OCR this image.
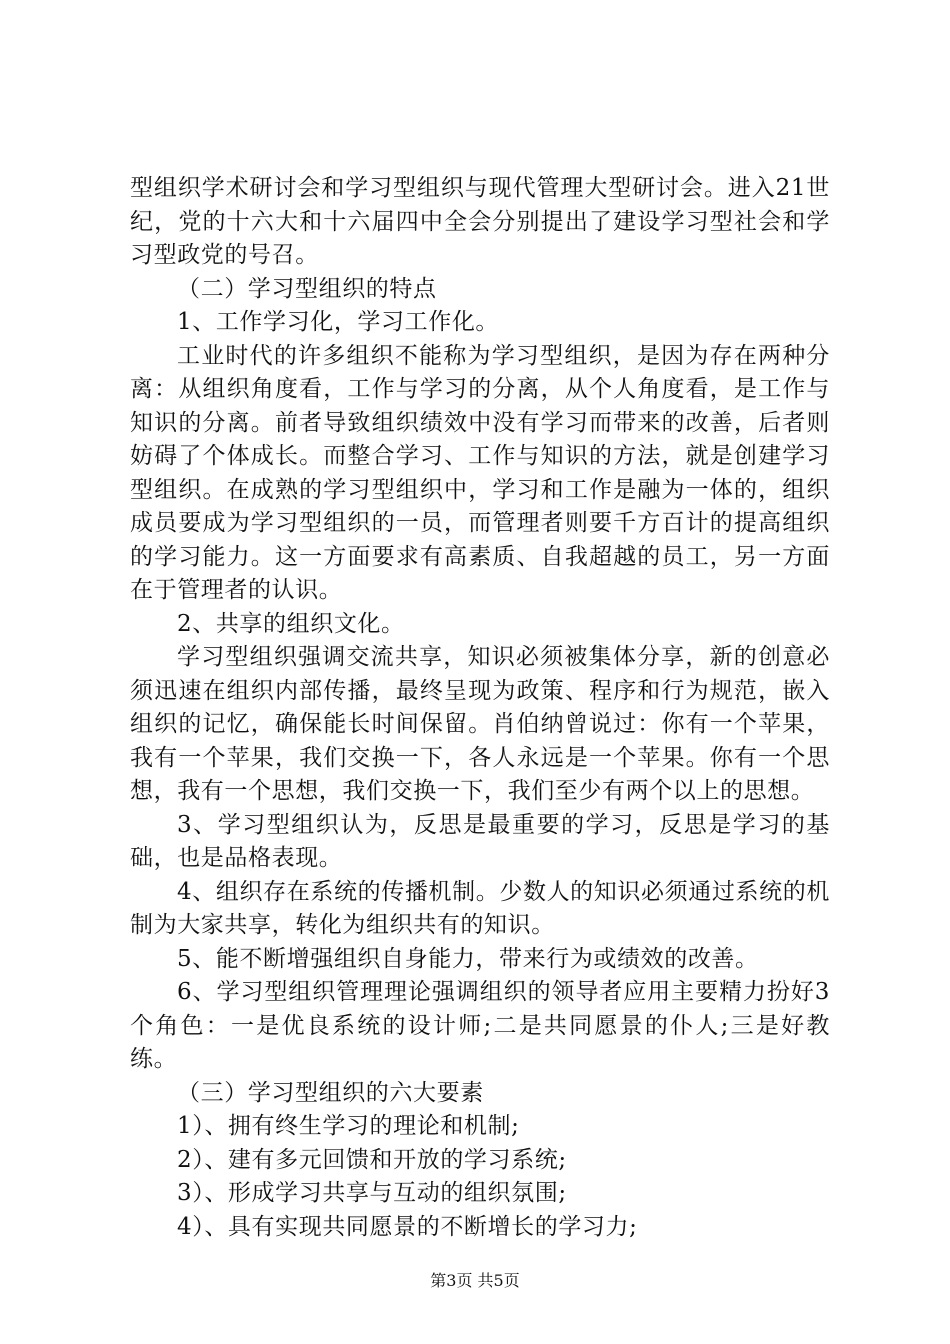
型组织学术研讨会和学习型组织与现代管理大型研讨会。进入21世纪，党的十六大和十六届四中全会分别提出了建设学习型社会和学习型政党的号召。

（二）学习型组织的特点

1、工作学习化，学习工作化。

工业时代的许多组织不能称为学习型组织，是因为存在两种分离：从组织角度看，工作与学习的分离，从个人角度看，是工作与知识的分离。前者导致组织绩效中没有学习而带来的改善，后者则妨碍了个体成长。而整合学习、工作与知识的方法，就是创建学习型组织。在成熟的学习型组织中，学习和工作是融为一体的，组织成员要成为学习型组织的一员，而管理者则要千方百计的提高组织的学习能力。这一方面要求有高素质、自我超越的员工，另一方面在于管理者的认识。

2、共享的组织文化。

学习型组织强调交流共享，知识必须被集体分享，新的创意必须迅速在组织内部传播，最终呈现为政策、程序和行为规范，嵌入组织的记忆，确保能长时间保留。肖伯纳曾说过：你有一个苹果，我有一个苹果，我们交换一下，各人永远是一个苹果。你有一个思想，我有一个思想，我们交换一下，我们至少有两个以上的思想。

3、学习型组织认为，反思是最重要的学习，反思是学习的基础，也是品格表现。

4、组织存在系统的传播机制。少数人的知识必须通过系统的机制为大家共享，转化为组织共有的知识。

5、能不断增强组织自身能力，带来行为或绩效的改善。

6、学习型组织管理理论强调组织的领导者应用主要精力扮好3个角色：一是优良系统的设计师;二是共同愿景的仆人;三是好教练。

（三）学习型组织的六大要素

1）、拥有终生学习的理论和机制;

2）、建有多元回馈和开放的学习系统;

3）、形成学习共享与互动的组织氛围;

4）、具有实现共同愿景的不断增长的学习力;

第3页 共5页
